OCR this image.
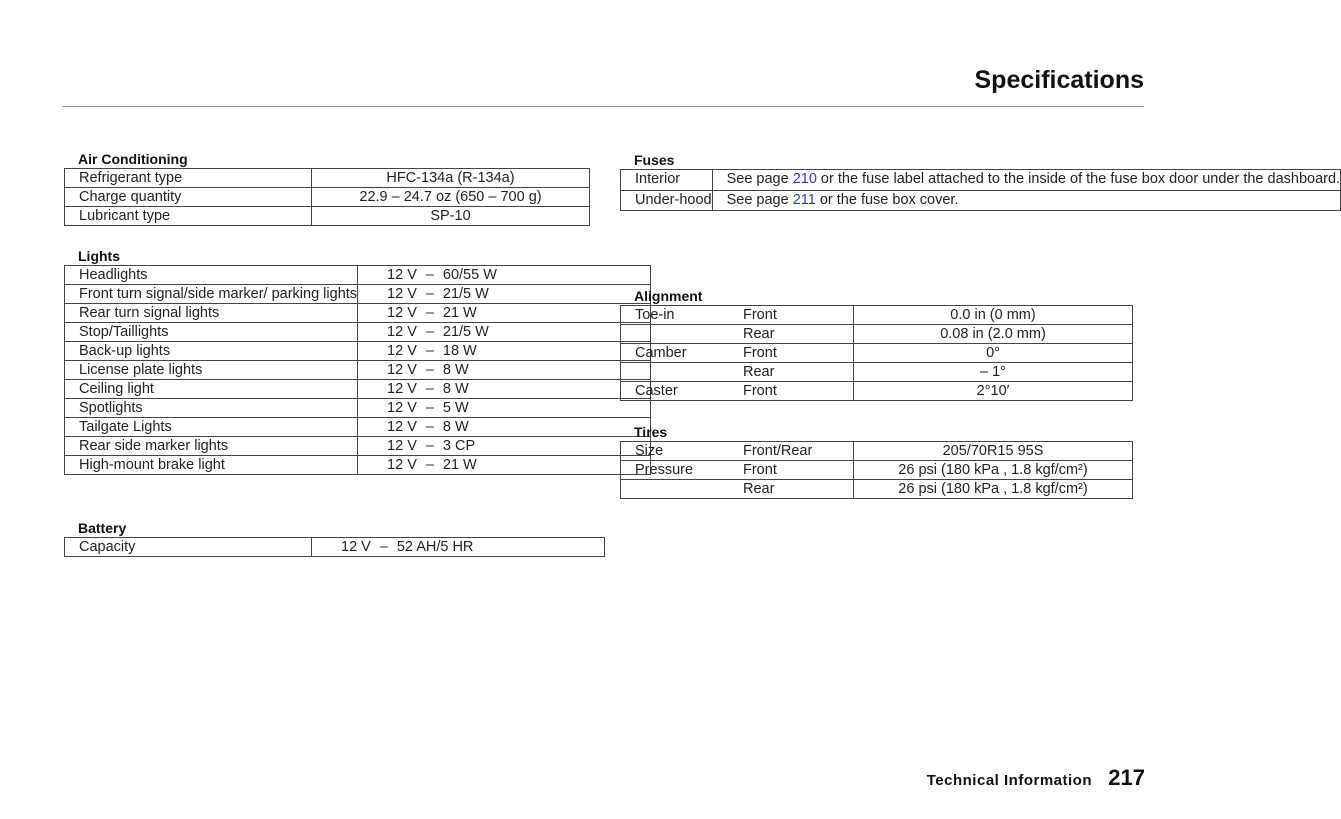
Specifications
Air Conditioning
Refrigerant type	HFC-134a (R-134a)
Charge quantity	22.9 – 24.7 oz (650 – 700 g)
Lubricant type	SP-10
Lights
Headlights	12 V – 60/55 W
Front turn signal/side marker/ parking lights	12 V – 21/5 W
Rear turn signal lights	12 V – 21 W
Stop/Taillights	12 V – 21/5 W
Back-up lights	12 V – 18 W
License plate lights	12 V – 8 W
Ceiling light	12 V – 8 W
Spotlights	12 V – 5 W
Tailgate Lights	12 V – 8 W
Rear side marker lights	12 V – 3 CP
High-mount brake light	12 V – 21 W
Battery
Capacity	12 V – 52 AH/5 HR
Fuses
Interior	See page 210 or the fuse label attached to the inside of the fuse box door under the dashboard.
Under-hood	See page 211 or the fuse box cover.
Alignment
Toe-in	Front	0.0 in (0 mm)
	Rear	0.08 in (2.0 mm)
Camber	Front	0°
	Rear	– 1°
Caster	Front	2°10′
Tires
Size	Front/Rear	205/70R15 95S
Pressure	Front	26 psi (180 kPa , 1.8 kgf/cm²)
	Rear	26 psi (180 kPa , 1.8 kgf/cm²)
Technical Information 217
